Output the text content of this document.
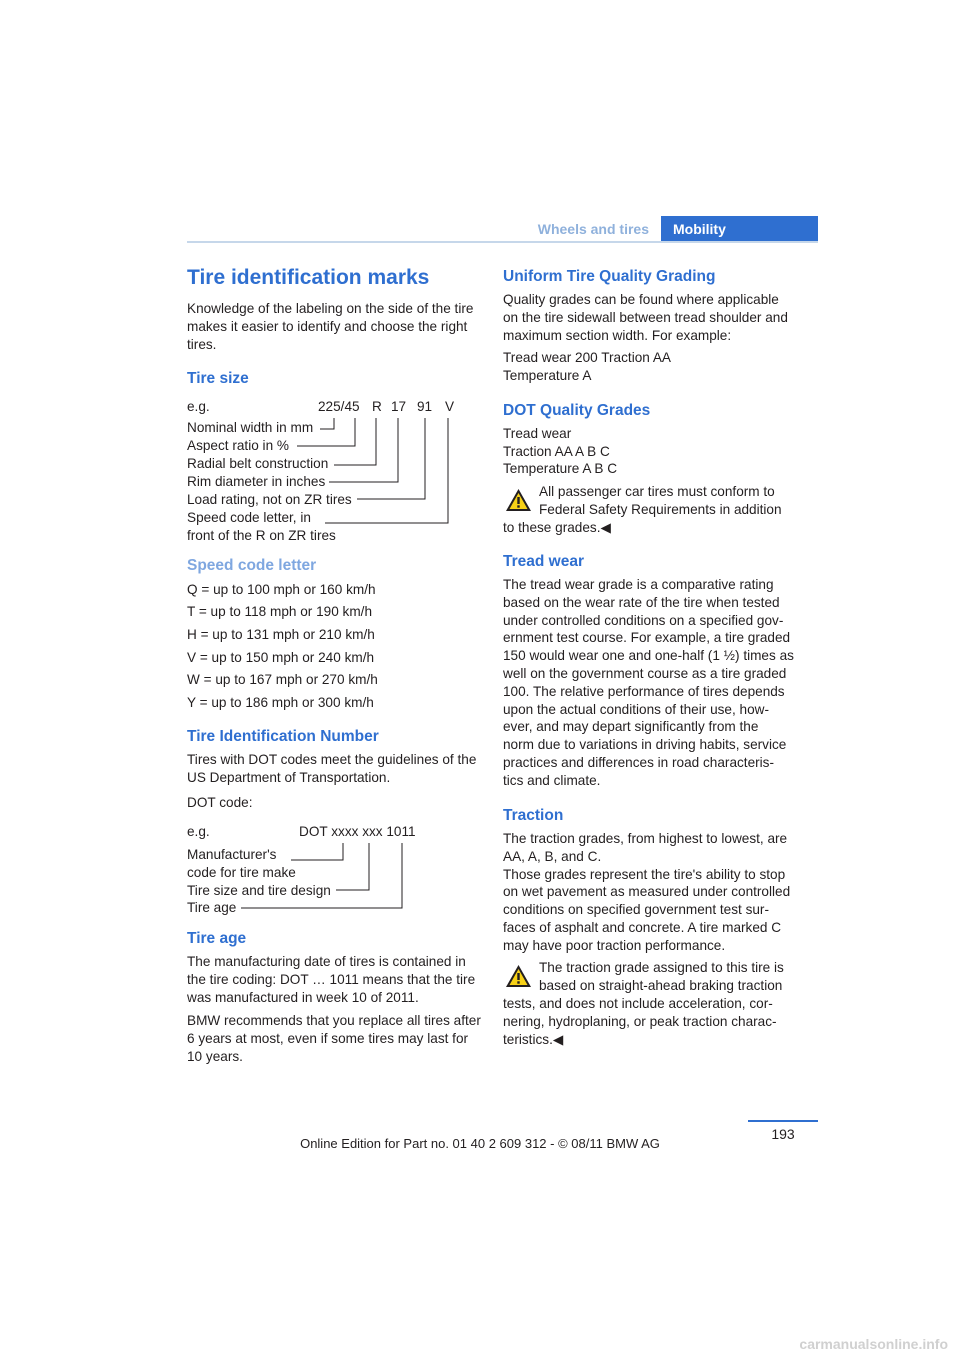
Wheels and tires	Mobility
Tire identification marks

Knowledge of the labeling on the side of the tire makes it easier to identify and choose the right tires.

Tire size
e.g.	225/45 R 17 91 V
Nominal width in mm
Aspect ratio in %
Radial belt construction
Rim diameter in inches
Load rating, not on ZR tires
Speed code letter, in
front of the R on ZR tires
Speed code letter
Q = up to 100 mph or 160 km/h
T = up to 118 mph or 190 km/h
H = up to 131 mph or 210 km/h
V = up to 150 mph or 240 km/h
W = up to 167 mph or 270 km/h
Y = up to 186 mph or 300 km/h
Tire Identification Number

Tires with DOT codes meet the guidelines of the US Department of Transportation.

DOT code:
e.g.	DOT xxxx xxx 1011
Manufacturer's
code for tire make
Tire size and tire design
Tire age
Tire age

The manufacturing date of tires is contained in the tire coding: DOT … 1011 means that the tire was manufactured in week 10 of 2011.

BMW recommends that you replace all tires after 6 years at most, even if some tires may last for 10 years.

Uniform Tire Quality Grading

Quality grades can be found where applicable on the tire sidewall between tread shoulder and maximum section width. For example:

Tread wear 200 Traction AA
Temperature A
DOT Quality Grades
Tread wear
Traction AA A B C
Temperature A B C
All passenger car tires must conform to
Federal Safety Requirements in addition
to these grades.◀
Tread wear

The tread wear grade is a comparative rating

based on the wear rate of the tire when tested

under controlled conditions on a specified gov-

ernment test course. For example, a tire graded

150 would wear one and one-half (1 ½) times as

well on the government course as a tire graded

100. The relative performance of tires depends

upon the actual conditions of their use, how-

ever, and may depart significantly from the

norm due to variations in driving habits, service

practices and differences in road characteris-

tics and climate.

Traction

The traction grades, from highest to lowest, are

AA, A, B, and C.

Those grades represent the tire's ability to stop

on wet pavement as measured under controlled

conditions on specified government test sur-

faces of asphalt and concrete. A tire marked C

may have poor traction performance.

The traction grade assigned to this tire is
based on straight-ahead braking traction

tests, and does not include acceleration, cor-

nering, hydroplaning, or peak traction charac-

teristics.◀

193
Online Edition for Part no. 01 40 2 609 312 - © 08/11 BMW AG
carmanualsonline.info
